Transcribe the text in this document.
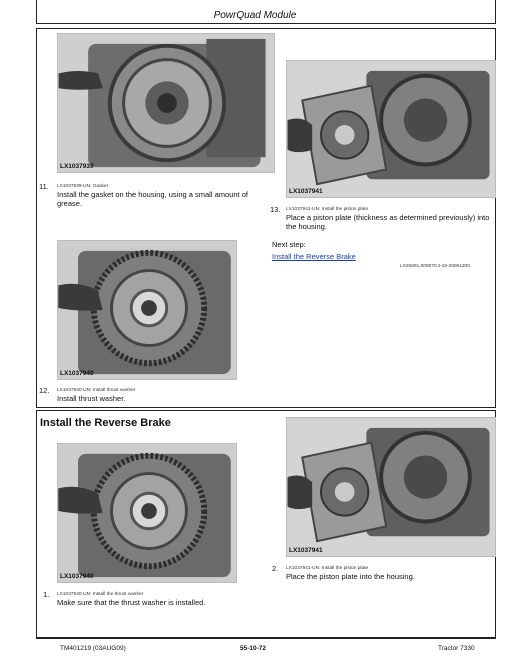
PowrQuad Module
LX1037939
11. LX1037939-UN: Gasket
Install the gasket on the housing, using a small amount of
grease.
LX1037941
13. LX1037941-UN: Install the piston plate
Place a piston plate (thickness as determined previously) into
the housing.
Next step:
Install the Reverse Brake
LX25691,00087C4-19-20061200
LX1037940
12. LX1037940-UN: Install thrust washer
Install thrust washer.
Install the Reverse Brake
LX1037940
1. LX1037940-UN: Install the thrust washer
Make sure that the thrust washer is installed.
LX1037941
2. LX1037941-UN: Install the piston plate
Place the piston plate into the housing.
TM401219 (03AUG09)	55-10-72	Tractor 7330
